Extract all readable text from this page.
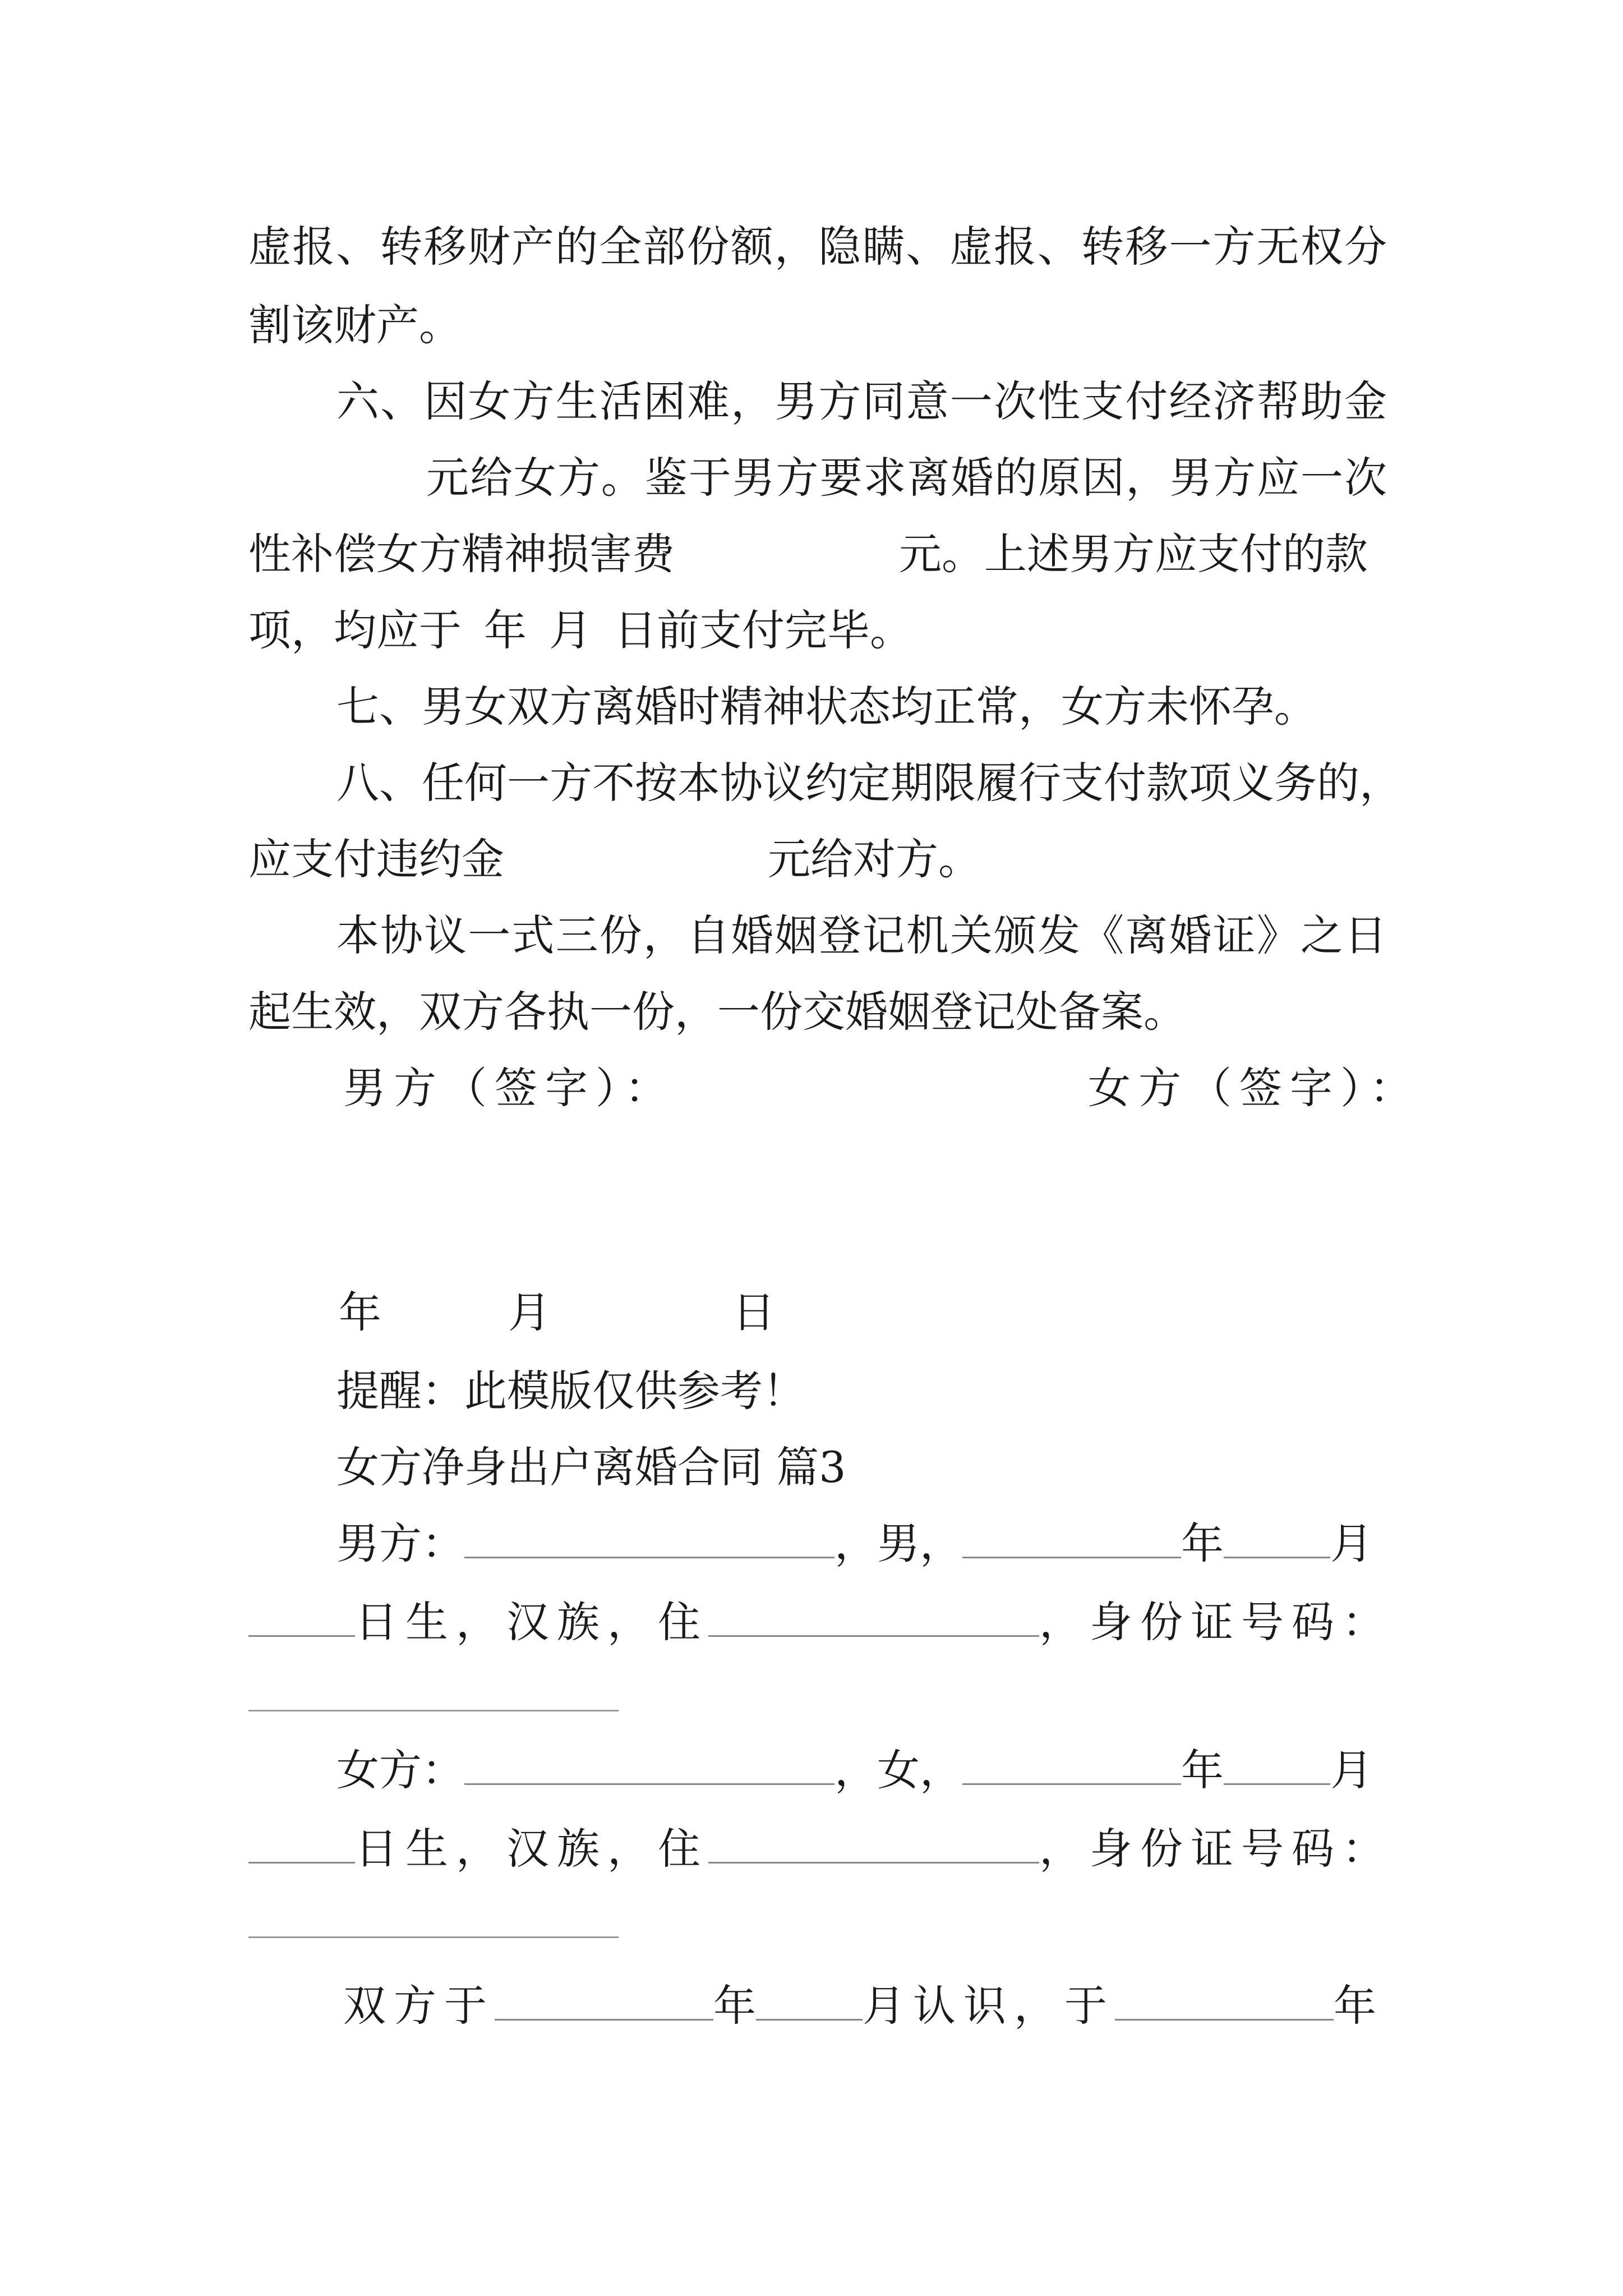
虚报、转移财产的全部份额，隐瞒、虚报、转移一方无权分
割该财产。
六、因女方生活困难，男方同意一次性支付经济帮助金
元给女方。鉴于男方要求离婚的原因，男方应一次
性补偿女方精神损害费	元。上述男方应支付的款
项，均应于 年 月 日前支付完毕。
七、男女双方离婚时精神状态均正常，女方未怀孕。
八、任何一方不按本协议约定期限履行支付款项义务的，
应支付违约金	元给对方。
本协议一式三份，自婚姻登记机关颁发《离婚证》之日
起生效，双方各执一份，一份交婚姻登记处备案。
男方（签字）：	女方（签字）：
年	月	日
提醒：此模版仅供参考！
女方净身出户离婚合同 篇3
男方：	，男，	年	月
日生，汉族，住	，身份证号码：
女方：	，女，	年	月
日生，汉族，住	，身份证号码：
双方于	年	月认识，于	年
